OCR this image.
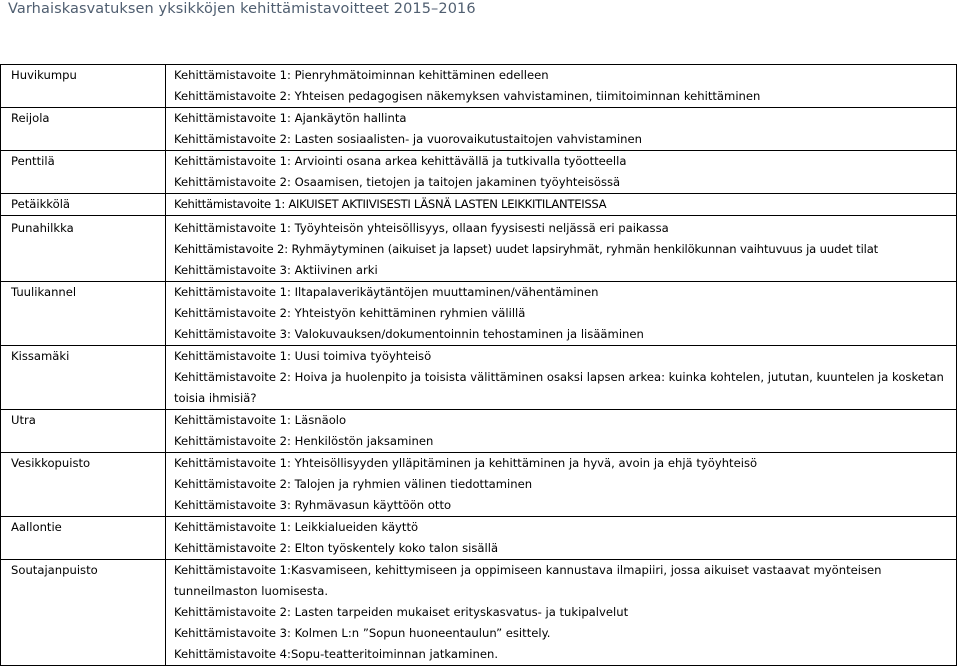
Varhaiskasvatuksen yksikköjen kehittämistavoitteet 2015–2016
Huvikumpu	Kehittämistavoite 1: Pienryhmätoiminnan kehittäminen edelleen
Kehittämistavoite 2: Yhteisen pedagogisen näkemyksen vahvistaminen, tiimitoiminnan kehittäminen

Reijola	Kehittämistavoite 1: Ajankäytön hallinta
Kehittämistavoite 2: Lasten sosiaalisten- ja vuorovaikutustaitojen vahvistaminen

Penttilä	Kehittämistavoite 1: Arviointi osana arkea kehittävällä ja tutkivalla työotteella
Kehittämistavoite 2: Osaamisen, tietojen ja taitojen jakaminen työyhteisössä

Petäikkölä	Kehittämistavoite 1: AIKUISET AKTIIVISESTI LÄSNÄ LASTEN LEIKKITILANTEISSA

Punahilkka	Kehittämistavoite 1: Työyhteisön yhteisöllisyys, ollaan fyysisesti neljässä eri paikassa
Kehittämistavoite 2: Ryhmäytyminen (aikuiset ja lapset) uudet lapsiryhmät, ryhmän henkilökunnan vaihtuvuus ja uudet tilat
Kehittämistavoite 3: Aktiivinen arki

Tuulikannel	Kehittämistavoite 1: Iltapalaverikäytäntöjen muuttaminen/vähentäminen
Kehittämistavoite 2: Yhteistyön kehittäminen ryhmien välillä
Kehittämistavoite 3: Valokuvauksen/dokumentoinnin tehostaminen ja lisääminen

Kissamäki	Kehittämistavoite 1: Uusi toimiva työyhteisö
Kehittämistavoite 2: Hoiva ja huolenpito ja toisista välittäminen osaksi lapsen arkea: kuinka kohtelen, jututan, kuuntelen ja kosketan toisia ihmisiä?

Utra	Kehittämistavoite 1: Läsnäolo
Kehittämistavoite 2: Henkilöstön jaksaminen

Vesikkopuisto	Kehittämistavoite 1: Yhteisöllisyyden ylläpitäminen ja kehittäminen ja hyvä, avoin ja ehjä työyhteisö
Kehittämistavoite 2: Talojen ja ryhmien välinen tiedottaminen
Kehittämistavoite 3: Ryhmävasun käyttöön otto

Aallontie	Kehittämistavoite 1: Leikkialueiden käyttö
Kehittämistavoite 2: Elton työskentely koko talon sisällä

Soutajanpuisto	Kehittämistavoite 1:Kasvamiseen, kehittymiseen ja oppimiseen kannustava ilmapiiri, jossa aikuiset vastaavat myönteisen tunneilmaston luomisesta.
Kehittämistavoite 2: Lasten tarpeiden mukaiset erityskasvatus- ja tukipalvelut
Kehittämistavoite 3: Kolmen L:n ”Sopun huoneentaulun” esittely.
Kehittämistavoite 4:Sopu-teatteritoiminnan jatkaminen.
